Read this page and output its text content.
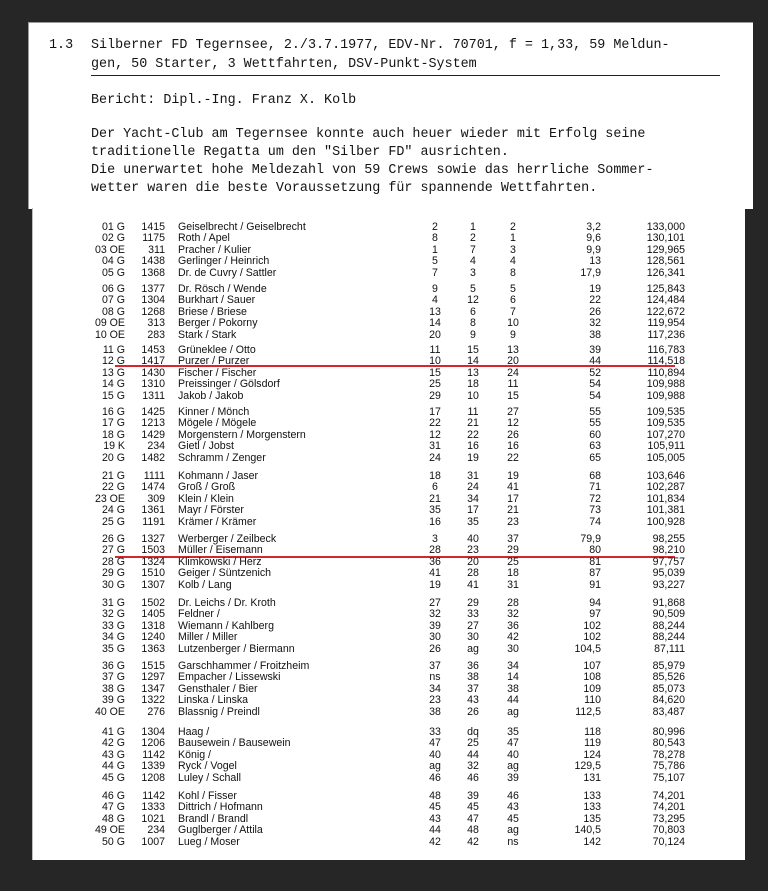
1.3 Silberner FD Tegernsee, 2./3.7.1977, EDV-Nr. 70701, f = 1,33, 59 Meldun-
gen, 50 Starter, 3 Wettfahrten, DSV-Punkt-System
Bericht: Dipl.-Ing. Franz X. Kolb
Der Yacht-Club am Tegernsee konnte auch heuer wieder mit Erfolg seine
traditionelle Regatta um den "Silber FD" ausrichten.
Die unerwartet hohe Meldezahl von 59 Crews sowie das herrliche Sommer-
wetter waren die beste Voraussetzung für spannende Wettfahrten.
01 G	1415 Geiselbrecht / Geiselbrecht	2	1	2	3,2	133,000
02 G	1175 Roth / Apel	8	2	1	9,6	130,101
03 OE	311 Pracher / Kulier	1	7	3	9,9	129,965
04 G	1438 Gerlinger / Heinrich	5	4	4	13	128,561
05 G	1368 Dr. de Cuvry / Sattler	7	3	8	17,9	126,341
06 G	1377 Dr. Rösch / Wende	9	5	5	19	125,843
07 G	1304 Burkhart / Sauer	4	12	6	22	124,484
08 G	1268 Briese / Briese	13	6	7	26	122,672
09 OE	313 Berger / Pokorny	14	8	10	32	119,954
10 OE	283 Stark / Stark	20	9	9	38	117,236
11 G	1453 Grüneklee / Otto	11	15	13	39	116,783
12 G	1417 Purzer / Purzer	10	14	20	44	114,518
13 G	1430 Fischer / Fischer	15	13	24	52	110,894
14 G	1310 Preissinger / Gölsdorf	25	18	11	54	109,988
15 G	1311 Jakob / Jakob	29	10	15	54	109,988
16 G	1425 Kinner / Mönch	17	11	27	55	109,535
17 G	1213 Mögele / Mögele	22	21	12	55	109,535
18 G	1429 Morgenstern / Morgenstern	12	22	26	60	107,270
19 K	234 Gietl / Jobst	31	16	16	63	105,911
20 G	1482 Schramm / Zenger	24	19	22	65	105,005
21 G	1111 Kohmann / Jaser	18	31	19	68	103,646
22 G	1474 Groß / Groß	6	24	41	71	102,287
23 OE	309 Klein / Klein	21	34	17	72	101,834
24 G	1361 Mayr / Förster	35	17	21	73	101,381
25 G	1191 Krämer / Krämer	16	35	23	74	100,928
26 G	1327 Werberger / Zeilbeck	3	40	37	79,9	98,255
27 G	1503 Müller / Eisemann	28	23	29	80	98,210
28 G	1324 Klimkowski / Herz	36	20	25	81	97,757
29 G	1510 Geiger / Süntzenich	41	28	18	87	95,039
30 G	1307 Kolb / Lang	19	41	31	91	93,227
31 G	1502 Dr. Leichs / Dr. Kroth	27	29	28	94	91,868
32 G	1405 Feldner /	32	33	32	97	90,509
33 G	1318 Wiemann / Kahlberg	39	27	36	102	88,244
34 G	1240 Miller / Miller	30	30	42	102	88,244
35 G	1363 Lutzenberger / Biermann	26	ag	30	104,5	87,111
36 G	1515 Garschhammer / Froitzheim	37	36	34	107	85,979
37 G	1297 Empacher / Lissewski	ns	38	14	108	85,526
38 G	1347 Gensthaler / Bier	34	37	38	109	85,073
39 G	1322 Linska / Linska	23	43	44	110	84,620
40 OE	276 Blassnig / Preindl	38	26	ag	112,5	83,487
41 G	1304 Haag /	33	dq	35	118	80,996
42 G	1206 Bausewein / Bausewein	47	25	47	119	80,543
43 G	1142 König /	40	44	40	124	78,278
44 G	1339 Ryck / Vogel	ag	32	ag	129,5	75,786
45 G	1208 Luley / Schall	46	46	39	131	75,107
46 G	1142 Kohl / Fisser	48	39	46	133	74,201
47 G	1333 Dittrich / Hofmann	45	45	43	133	74,201
48 G	1021 Brandl / Brandl	43	47	45	135	73,295
49 OE	234 Guglberger / Attila	44	48	ag	140,5	70,803
50 G	1007 Lueg / Moser	42	42	ns	142	70,124
